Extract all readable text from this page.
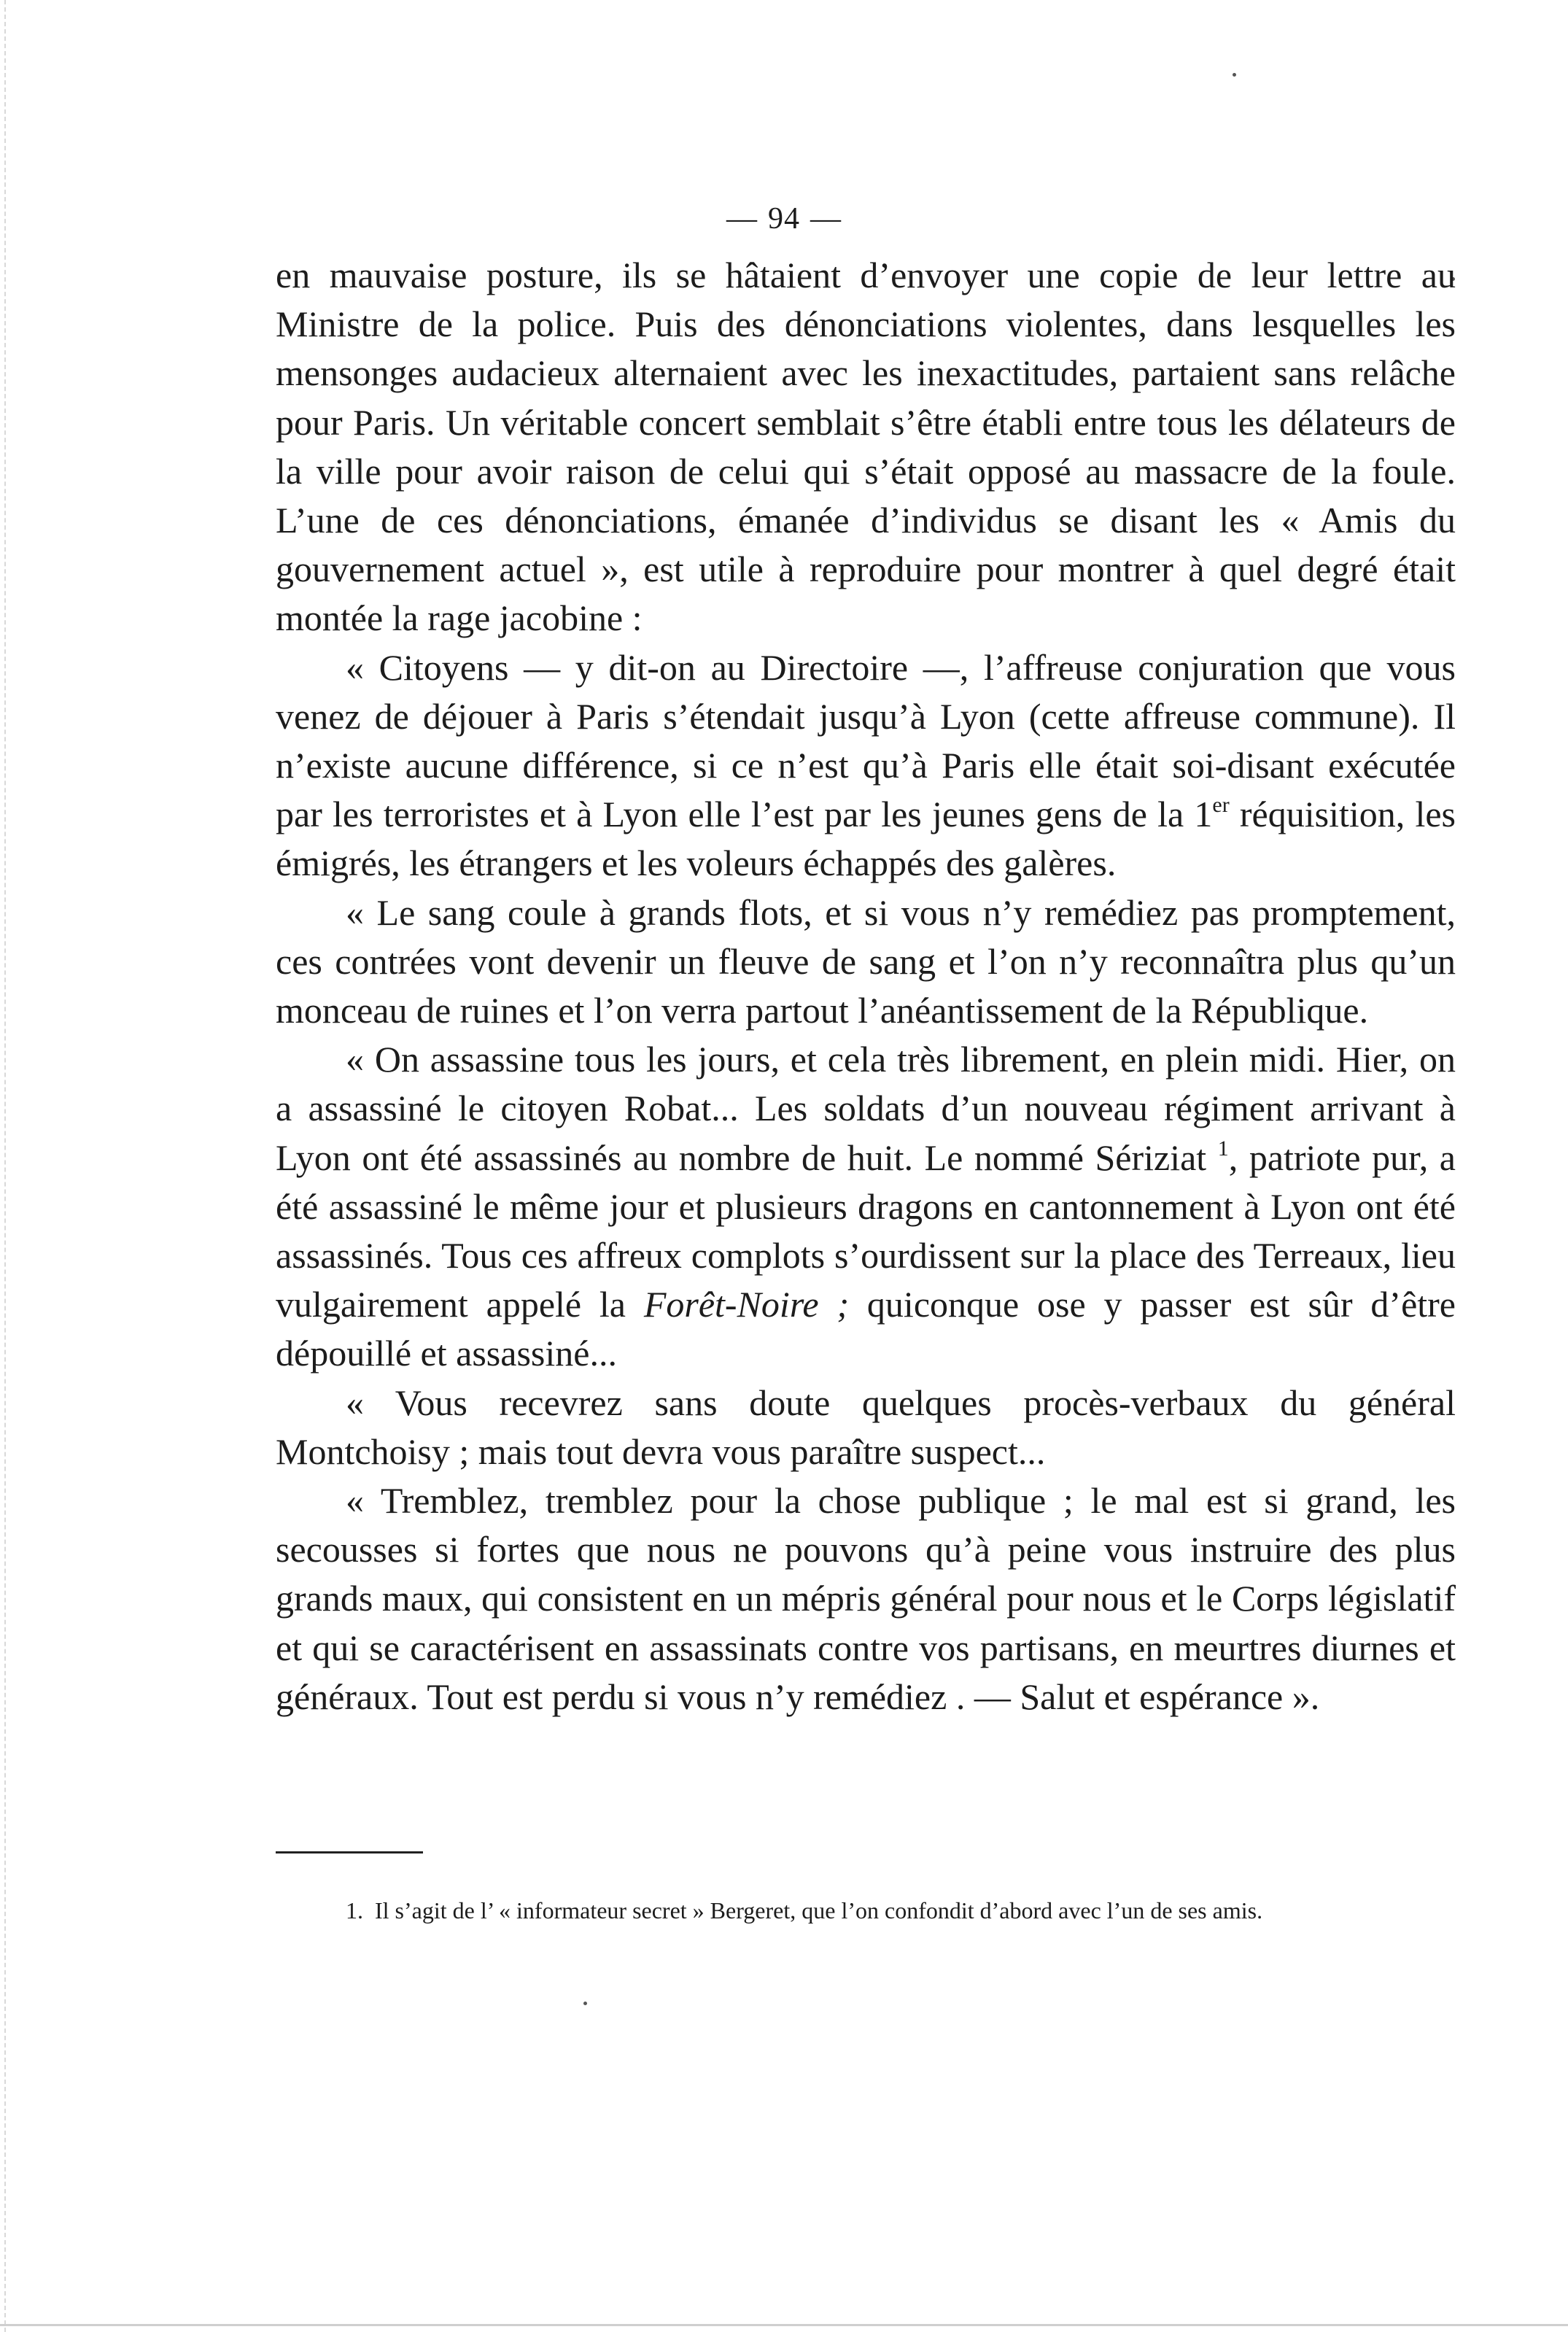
— 94 —

en mauvaise posture, ils se hâtaient d’envoyer une copie de leur lettre au Ministre de la police. Puis des dénonciations violentes, dans lesquelles les mensonges audacieux alternaient avec les inexactitudes, partaient sans relâche pour Paris. Un véritable concert semblait s’être établi entre tous les délateurs de la ville pour avoir raison de celui qui s’était opposé au massacre de la foule. L’une de ces dénonciations, émanée d’individus se disant les « Amis du gouvernement actuel », est utile à reproduire pour montrer à quel degré était montée la rage jacobine :

« Citoyens — y dit-on au Directoire —, l’affreuse conjuration que vous venez de déjouer à Paris s’étendait jusqu’à Lyon (cette affreuse commune). Il n’existe aucune différence, si ce n’est qu’à Paris elle était soi-disant exécutée par les terroristes et à Lyon elle l’est par les jeunes gens de la 1er réquisition, les émigrés, les étrangers et les voleurs échappés des galères.

« Le sang coule à grands flots, et si vous n’y remédiez pas promptement, ces contrées vont devenir un fleuve de sang et l’on n’y reconnaîtra plus qu’un monceau de ruines et l’on verra partout l’anéantissement de la République.

« On assassine tous les jours, et cela très librement, en plein midi. Hier, on a assassiné le citoyen Robat... Les soldats d’un nouveau régiment arrivant à Lyon ont été assassinés au nombre de huit. Le nommé Sériziat $^1$, patriote pur, a été assassiné le même jour et plusieurs dragons en cantonnement à Lyon ont été assassinés. Tous ces affreux complots s’ourdissent sur la place des Terreaux, lieu vulgairement appelé la Forêt-Noire ; quiconque ose y passer est sûr d’être dépouillé et assassiné...

« Vous recevrez sans doute quelques procès-verbaux du général Montchoisy ; mais tout devra vous paraître suspect...

« Tremblez, tremblez pour la chose publique ; le mal est si grand, les secousses si fortes que nous ne pouvons qu’à peine vous instruire des plus grands maux, qui consistent en un mépris général pour nous et le Corps législatif et qui se caractérisent en assassinats contre vos partisans, en meurtres diurnes et généraux. Tout est perdu si vous n’y remédiez . — Salut et espérance ».

1. Il s’agit de l’ « informateur secret » Bergeret, que l’on confondit d’abord avec l’un de ses amis.
